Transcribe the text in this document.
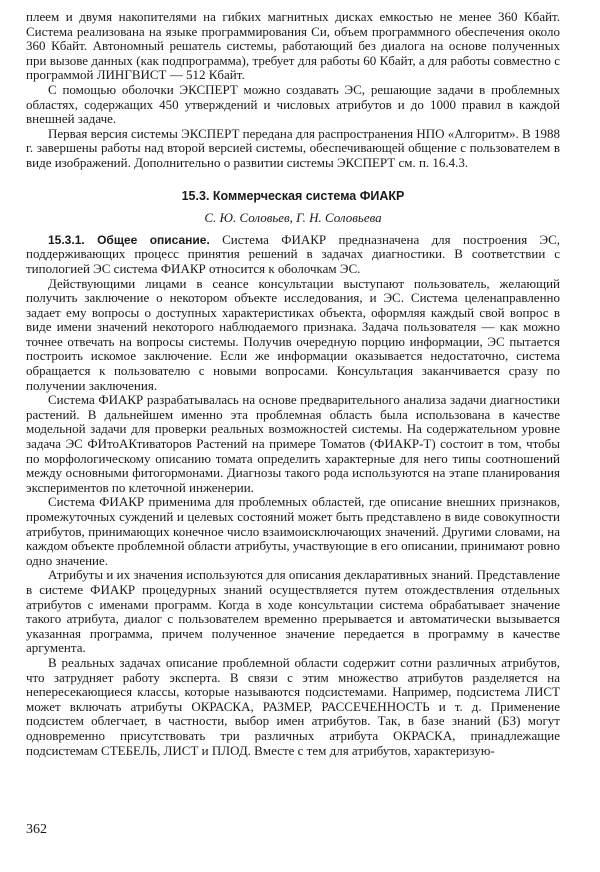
плеем и двумя накопителями на гибких магнитных дисках емкостью не менее 360 Кбайт. Система реализована на языке программирования Си, объем программного обеспечения около 360 Кбайт. Автономный решатель системы, работающий без диалога на основе полученных при вызове данных (как подпрограмма), требует для работы 60 Кбайт, а для работы совместно с программой ЛИНГВИСТ — 512 Кбайт.

С помощью оболочки ЭКСПЕРТ можно создавать ЭС, решающие задачи в проблемных областях, содержащих 450 утверждений и числовых атрибутов и до 1000 правил в каждой внешней задаче.

Первая версия системы ЭКСПЕРТ передана для распространения НПО «Алгоритм». В 1988 г. завершены работы над второй версией системы, обеспечивающей общение с пользователем в виде изображений. Дополнительно о развитии системы ЭКСПЕРТ см. п. 16.4.3.

15.3. Коммерческая система ФИАКР

С. Ю. Соловьев, Г. Н. Соловьева

15.3.1. Общее описание. Система ФИАКР предназначена для построения ЭС, поддерживающих процесс принятия решений в задачах диагностики. В соответствии с типологией ЭС система ФИАКР относится к оболочкам ЭС.

Действующими лицами в сеансе консультации выступают пользователь, желающий получить заключение о некотором объекте исследования, и ЭС. Система целенаправленно задает ему вопросы о доступных характеристиках объекта, оформляя каждый свой вопрос в виде имени значений некоторого наблюдаемого признака. Задача пользователя — как можно точнее отвечать на вопросы системы. Получив очередную порцию информации, ЭС пытается построить искомое заключение. Если же информации оказывается недостаточно, система обращается к пользователю с новыми вопросами. Консультация заканчивается сразу по получении заключения.

Система ФИАКР разрабатывалась на основе предварительного анализа задачи диагностики растений. В дальнейшем именно эта проблемная область была использована в качестве модельной задачи для проверки реальных возможностей системы. На содержательном уровне задача ЭС ФИтоАКтиваторов Растений на примере Томатов (ФИАКР-Т) состоит в том, чтобы по морфологическому описанию томата определить характерные для него типы соотношений между основными фитогормонами. Диагнозы такого рода используются на этапе планирования экспериментов по клеточной инженерии.

Система ФИАКР применима для проблемных областей, где описание внешних признаков, промежуточных суждений и целевых состояний может быть представлено в виде совокупности атрибутов, принимающих конечное число взаимоисключающих значений. Другими словами, на каждом объекте проблемной области атрибуты, участвующие в его описании, принимают ровно одно значение.

Атрибуты и их значения используются для описания декларативных знаний. Представление в системе ФИАКР процедурных знаний осуществляется путем отождествления отдельных атрибутов с именами программ. Когда в ходе консультации система обрабатывает значение такого атрибута, диалог с пользователем временно прерывается и автоматически вызывается указанная программа, причем полученное значение передается в программу в качестве аргумента.

В реальных задачах описание проблемной области содержит сотни различных атрибутов, что затрудняет работу эксперта. В связи с этим множество атрибутов разделяется на непересекающиеся классы, которые называются подсистемами. Например, подсистема ЛИСТ может включать атрибуты ОКРАСКА, РАЗМЕР, РАССЕЧЕННОСТЬ и т. д. Применение подсистем облегчает, в частности, выбор имен атрибутов. Так, в базе знаний (БЗ) могут одновременно присутствовать три различных атрибута ОКРАСКА, принадлежащие подсистемам СТЕБЕЛЬ, ЛИСТ и ПЛОД. Вместе с тем для атрибутов, характеризую-

362
